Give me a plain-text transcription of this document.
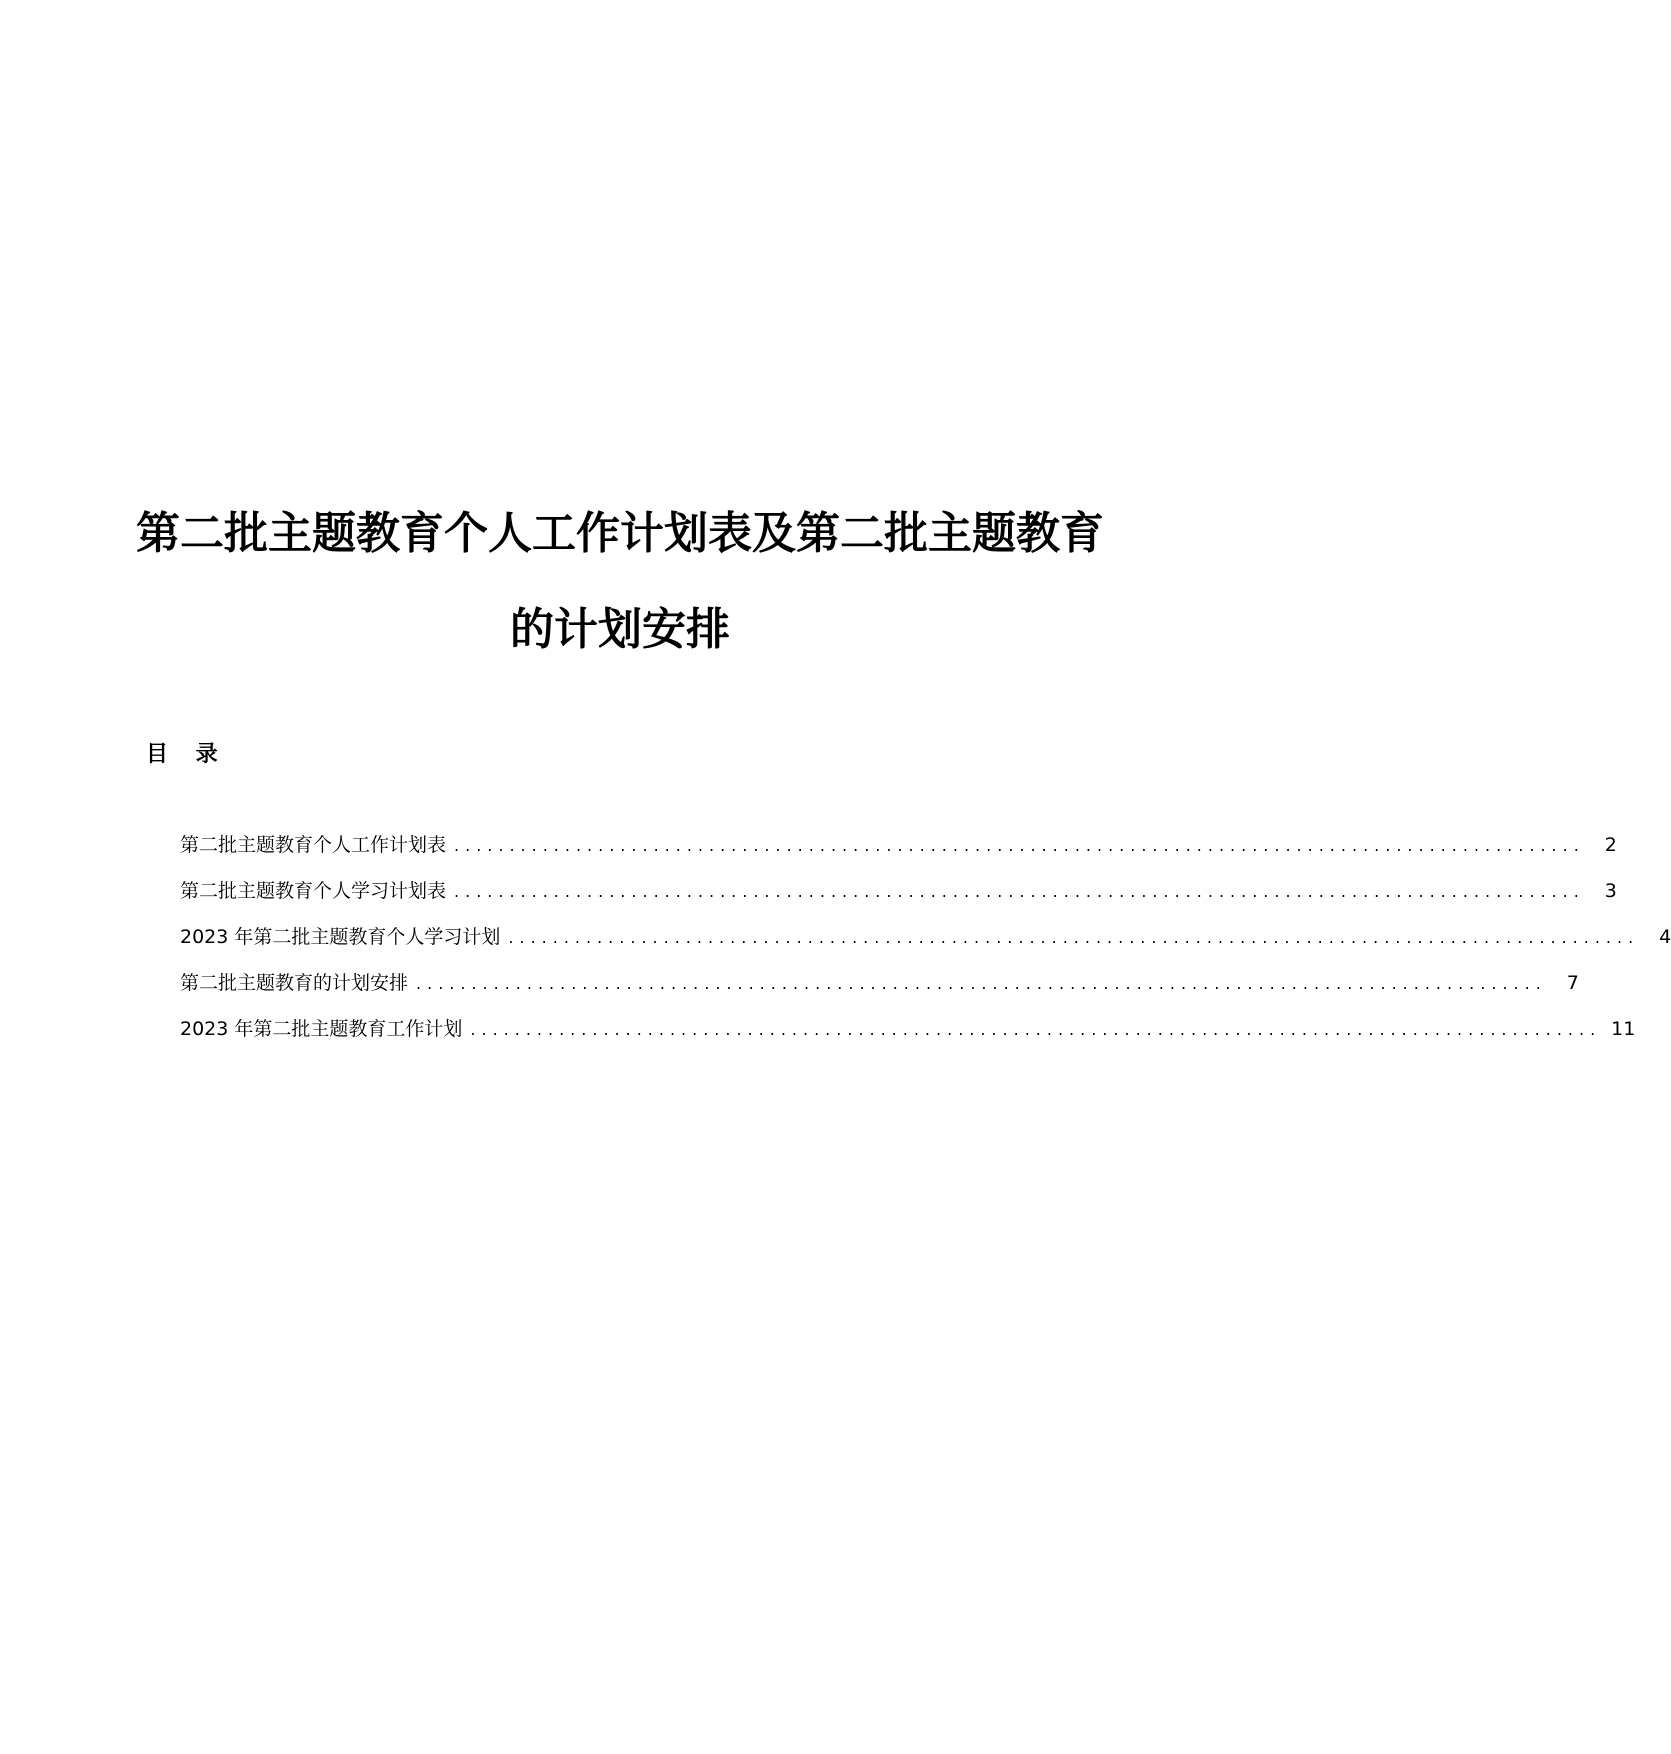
第二批主题教育个人工作计划表及第二批主题教育
的计划安排
目 录
第二批主题教育个人工作计划表 ......................................................................................................	2
第二批主题教育个人学习计划表 ......................................................................................................	3
2023 年第二批主题教育个人学习计划 ......................................................................................................	4
第二批主题教育的计划安排 ......................................................................................................	7
2023 年第二批主题教育工作计划 ...................................................................................................... 11
